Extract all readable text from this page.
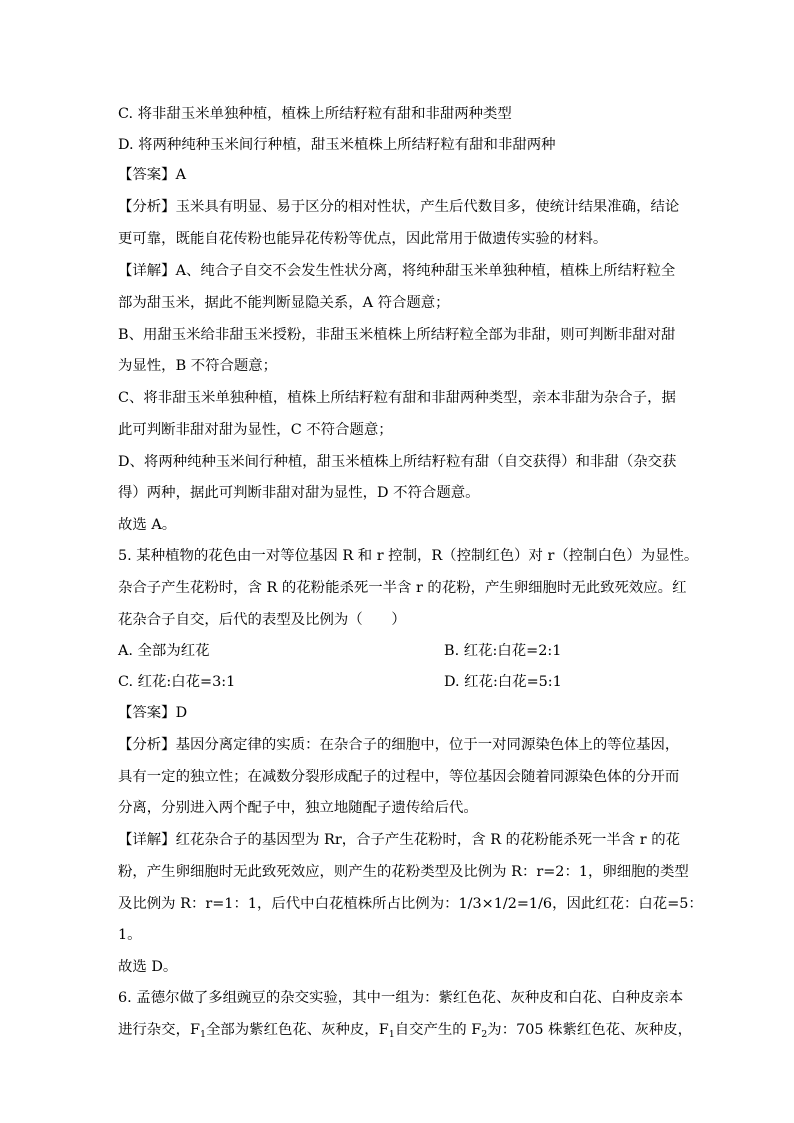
C. 将非甜玉米单独种植，植株上所结籽粒有甜和非甜两种类型
D. 将两种纯种玉米间行种植，甜玉米植株上所结籽粒有甜和非甜两种
【答案】A
【分析】玉米具有明显、易于区分的相对性状，产生后代数目多，使统计结果准确，结论
更可靠，既能自花传粉也能异花传粉等优点，因此常用于做遗传实验的材料。
【详解】A、纯合子自交不会发生性状分离，将纯种甜玉米单独种植，植株上所结籽粒全
部为甜玉米，据此不能判断显隐关系，A 符合题意；
B、用甜玉米给非甜玉米授粉，非甜玉米植株上所结籽粒全部为非甜，则可判断非甜对甜
为显性，B 不符合题意；
C、将非甜玉米单独种植，植株上所结籽粒有甜和非甜两种类型，亲本非甜为杂合子，据
此可判断非甜对甜为显性，C 不符合题意；
D、将两种纯种玉米间行种植，甜玉米植株上所结籽粒有甜（自交获得）和非甜（杂交获
得）两种，据此可判断非甜对甜为显性，D 不符合题意。
故选 A。
5. 某种植物的花色由一对等位基因 R 和 r 控制，R（控制红色）对 r（控制白色）为显性。
杂合子产生花粉时，含 R 的花粉能杀死一半含 r 的花粉，产生卵细胞时无此致死效应。红
花杂合子自交，后代的表型及比例为（　　）
A. 全部为红花	B. 红花:白花=2:1
C. 红花:白花=3:1	D. 红花:白花=5:1
【答案】D
【分析】基因分离定律的实质：在杂合子的细胞中，位于一对同源染色体上的等位基因，
具有一定的独立性；在减数分裂形成配子的过程中，等位基因会随着同源染色体的分开而
分离，分别进入两个配子中，独立地随配子遗传给后代。
【详解】红花杂合子的基因型为 Rr，合子产生花粉时，含 R 的花粉能杀死一半含 r 的花
粉，产生卵细胞时无此致死效应，则产生的花粉类型及比例为 R：r=2：1，卵细胞的类型
及比例为 R：r=1：1，后代中白花植株所占比例为：1/3×1/2=1/6，因此红花：白花=5：
1。
故选 D。
6. 孟德尔做了多组豌豆的杂交实验，其中一组为：紫红色花、灰种皮和白花、白种皮亲本
进行杂交，$F_1$全部为紫红色花、灰种皮，$F_1$自交产生的 $F_2$为：705 株紫红色花、灰种皮，
